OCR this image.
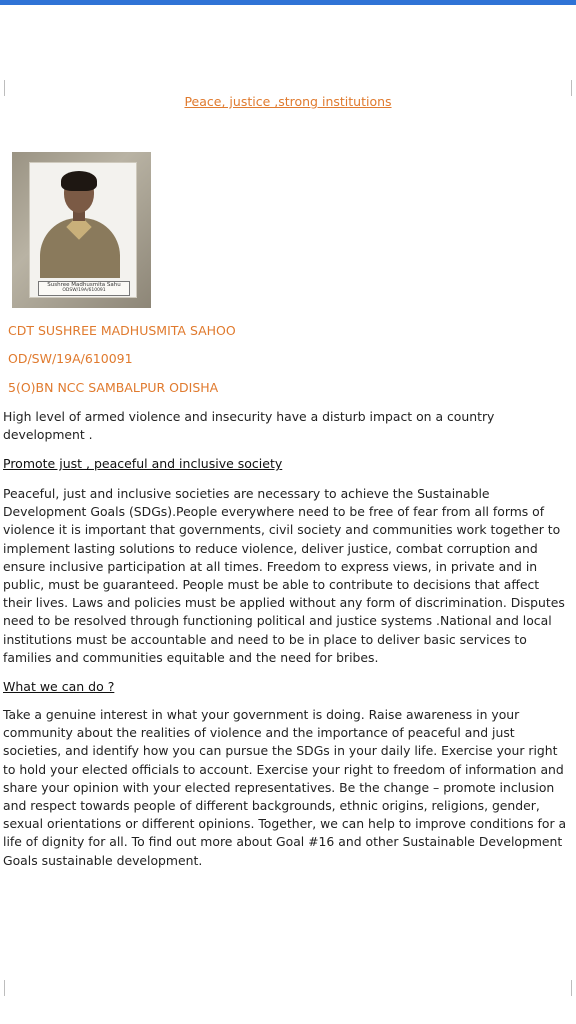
Peace, justice ,strong institutions
Sushree Madhusmita Sahu
ODSW/19A/610091
CDT SUSHREE MADHUSMITA SAHOO
OD/SW/19A/610091
5(O)BN NCC SAMBALPUR ODISHA
High level of armed violence and insecurity have a disturb impact on a country development .
Promote just , peaceful and inclusive society
Peaceful, just and inclusive societies are necessary to achieve the Sustainable Development Goals (SDGs).People everywhere need to be free of fear from all forms of violence it is important that governments, civil society and communities work together to implement lasting solutions to reduce violence, deliver justice, combat corruption and ensure inclusive participation at all times. Freedom to express views, in private and in public, must be guaranteed. People must be able to contribute to decisions that affect their lives. Laws and policies must be applied without any form of discrimination. Disputes need to be resolved through functioning political and justice systems .National and local institutions must be accountable and need to be in place to deliver basic services to families and communities equitable and the need for bribes.
What we can do ?
Take a genuine interest in what your government is doing. Raise awareness in your community about the realities of violence and the importance of peaceful and just societies, and identify how you can pursue the SDGs in your daily life. Exercise your right to hold your elected officials to account. Exercise your right to freedom of information and share your opinion with your elected representatives. Be the change – promote inclusion and respect towards people of different backgrounds, ethnic origins, religions, gender, sexual orientations or different opinions. Together, we can help to improve conditions for a life of dignity for all. To find out more about Goal #16 and other Sustainable Development Goals sustainable development.
